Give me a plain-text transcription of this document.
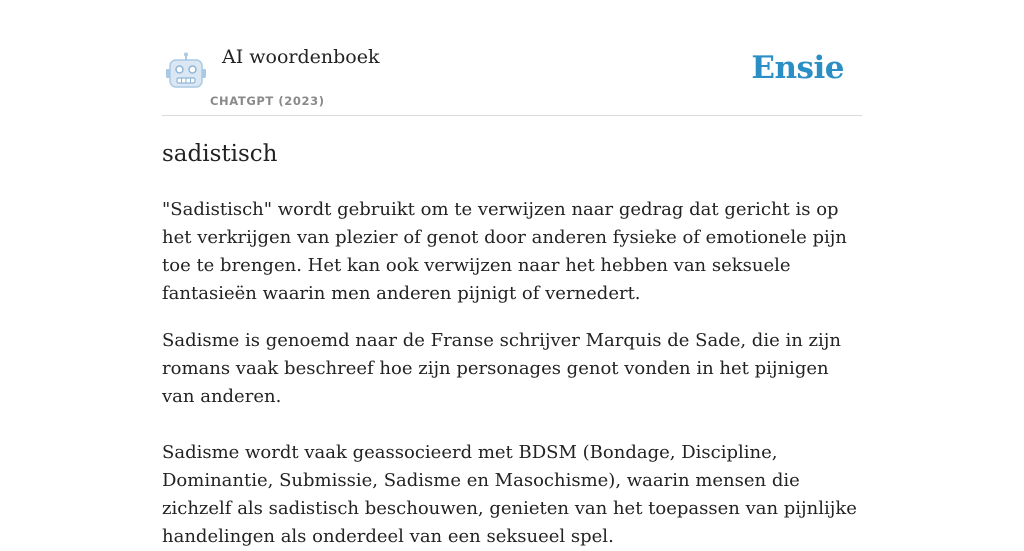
AI woordenboek
CHATGPT (2023)
Ensie
sadistisch

"Sadistisch" wordt gebruikt om te verwijzen naar gedrag dat gericht is op het verkrijgen van plezier of genot door anderen fysieke of emotionele pijn toe te brengen. Het kan ook verwijzen naar het hebben van seksuele fantasieën waarin men anderen pijnigt of vernedert.

Sadisme is genoemd naar de Franse schrijver Marquis de Sade, die in zijn romans vaak beschreef hoe zijn personages genot vonden in het pijnigen van anderen.

Sadisme wordt vaak geassocieerd met BDSM (Bondage, Discipline, Dominantie, Submissie, Sadisme en Masochisme), waarin mensen die zichzelf als sadistisch beschouwen, genieten van het toepassen van pijnlijke handelingen als onderdeel van een seksueel spel.
